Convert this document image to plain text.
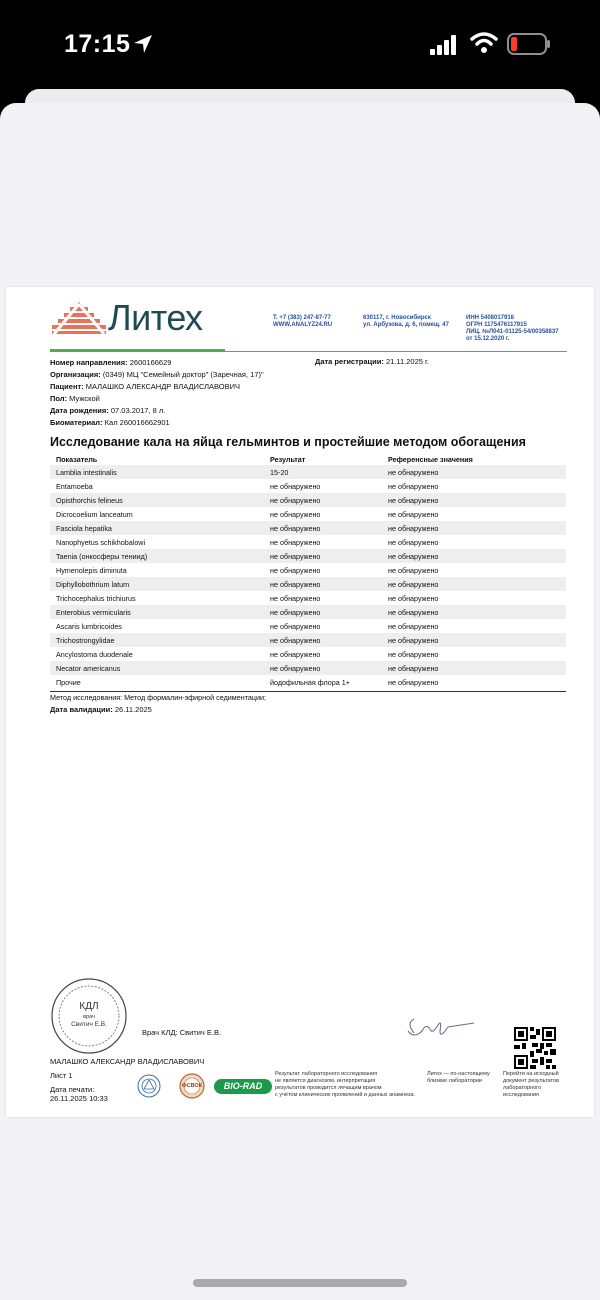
17:15
Литех	Т. +7 (383) 247-87-77
WWW.ANALYZ24.RU
630117, г. Новосибирск
ул. Арбузова, д. 6, помещ. 47
ИНН 5408017916
ОГРН 1175476117915
ЛИЦ. №Л041-01125-54/00358837
от 15.12.2020 г.
Номер направления: 2600166629	Дата регистрации: 21.11.2025 г.
Организация: (0349) МЦ "Семейный доктор" (Заречная, 17)"
Пациент: МАЛАШКО АЛЕКСАНДР ВЛАДИСЛАВОВИЧ
Пол: Мужской
Дата рождения: 07.03.2017, 8 л.
Биоматериал: Кал 260016662901
Исследование кала на яйца гельминтов и простейшие методом обогащения
Показатель	Результат	Референсные значения
Lamblia intestinalis	15-20	не обнаружено
Entamoeba	не обнаружено	не обнаружено
Opisthorchis felineus	не обнаружено	не обнаружено
Dicrocoelium lanceatum	не обнаружено	не обнаружено
Fasciola hepatika	не обнаружено	не обнаружено
Nanophyetus schikhobalowi	не обнаружено	не обнаружено
Taenia (онкосферы тениид)	не обнаружено	не обнаружено
Hymenolepis diminuta	не обнаружено	не обнаружено
Diphyllobothrium latum	не обнаружено	не обнаружено
Trichocephalus trichiurus	не обнаружено	не обнаружено
Enterobius vermicularis	не обнаружено	не обнаружено
Ascaris lumbricoides	не обнаружено	не обнаружено
Trichostrongylidae	не обнаружено	не обнаружено
Ancylostoma duodenale	не обнаружено	не обнаружено
Necator americanus	не обнаружено	не обнаружено
Прочие	йодофильная флора 1+	не обнаружено
Метод исследования: Метод формалин-эфирной седиментации;
Дата валидации: 26.11.2025
КДЛ
врач
Свитич Е.В.
Врач КЛД: Свитич Е.В.
МАЛАШКО АЛЕКСАНДР ВЛАДИСЛАВОВИЧ
Лист 1
Дата печати:
26.11.2025 10:33
ФСВОК	BIO-RAD
Результат лабораторного исследования
не является диагнозом, интерпретация
результатов проводится лечащим врачом
с учётом клинических проявлений и данных анамнеза.
Литех — по-настоящему
близкие лаборатории
Перейти на исходный
документ результатов
лабораторного
исследования
